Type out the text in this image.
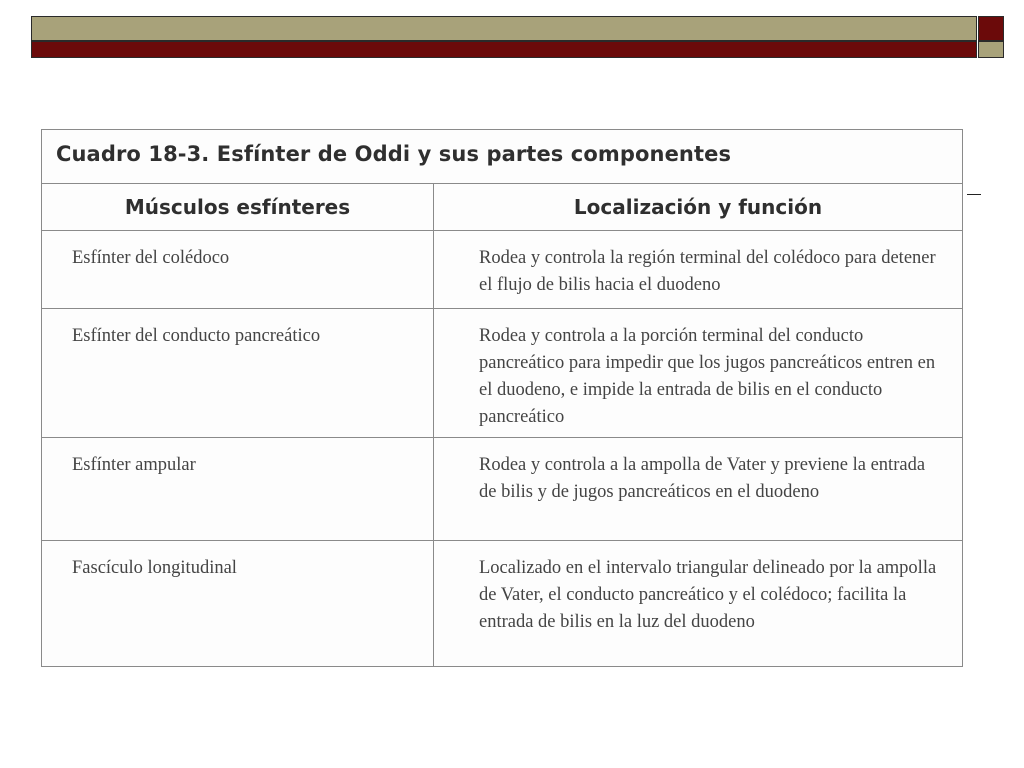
Cuadro 18-3. Esfínter de Oddi y sus partes componentes
Músculos esfínteres	Localización y función
Esfínter del colédoco	Rodea y controla la región terminal del colédoco para detener el flujo de bilis hacia el duodeno
Esfínter del conducto pancreático	Rodea y controla a la porción terminal del conducto pancreático para impedir que los jugos pancreáticos entren en el duodeno, e impide la entrada de bilis en el conducto pancreático
Esfínter ampular	Rodea y controla a la ampolla de Vater y previene la entrada de bilis y de jugos pancreáticos en el duodeno
Fascículo longitudinal	Localizado en el intervalo triangular delineado por la ampolla de Vater, el conducto pancreático y el colédoco; facilita la entrada de bilis en la luz del duodeno
